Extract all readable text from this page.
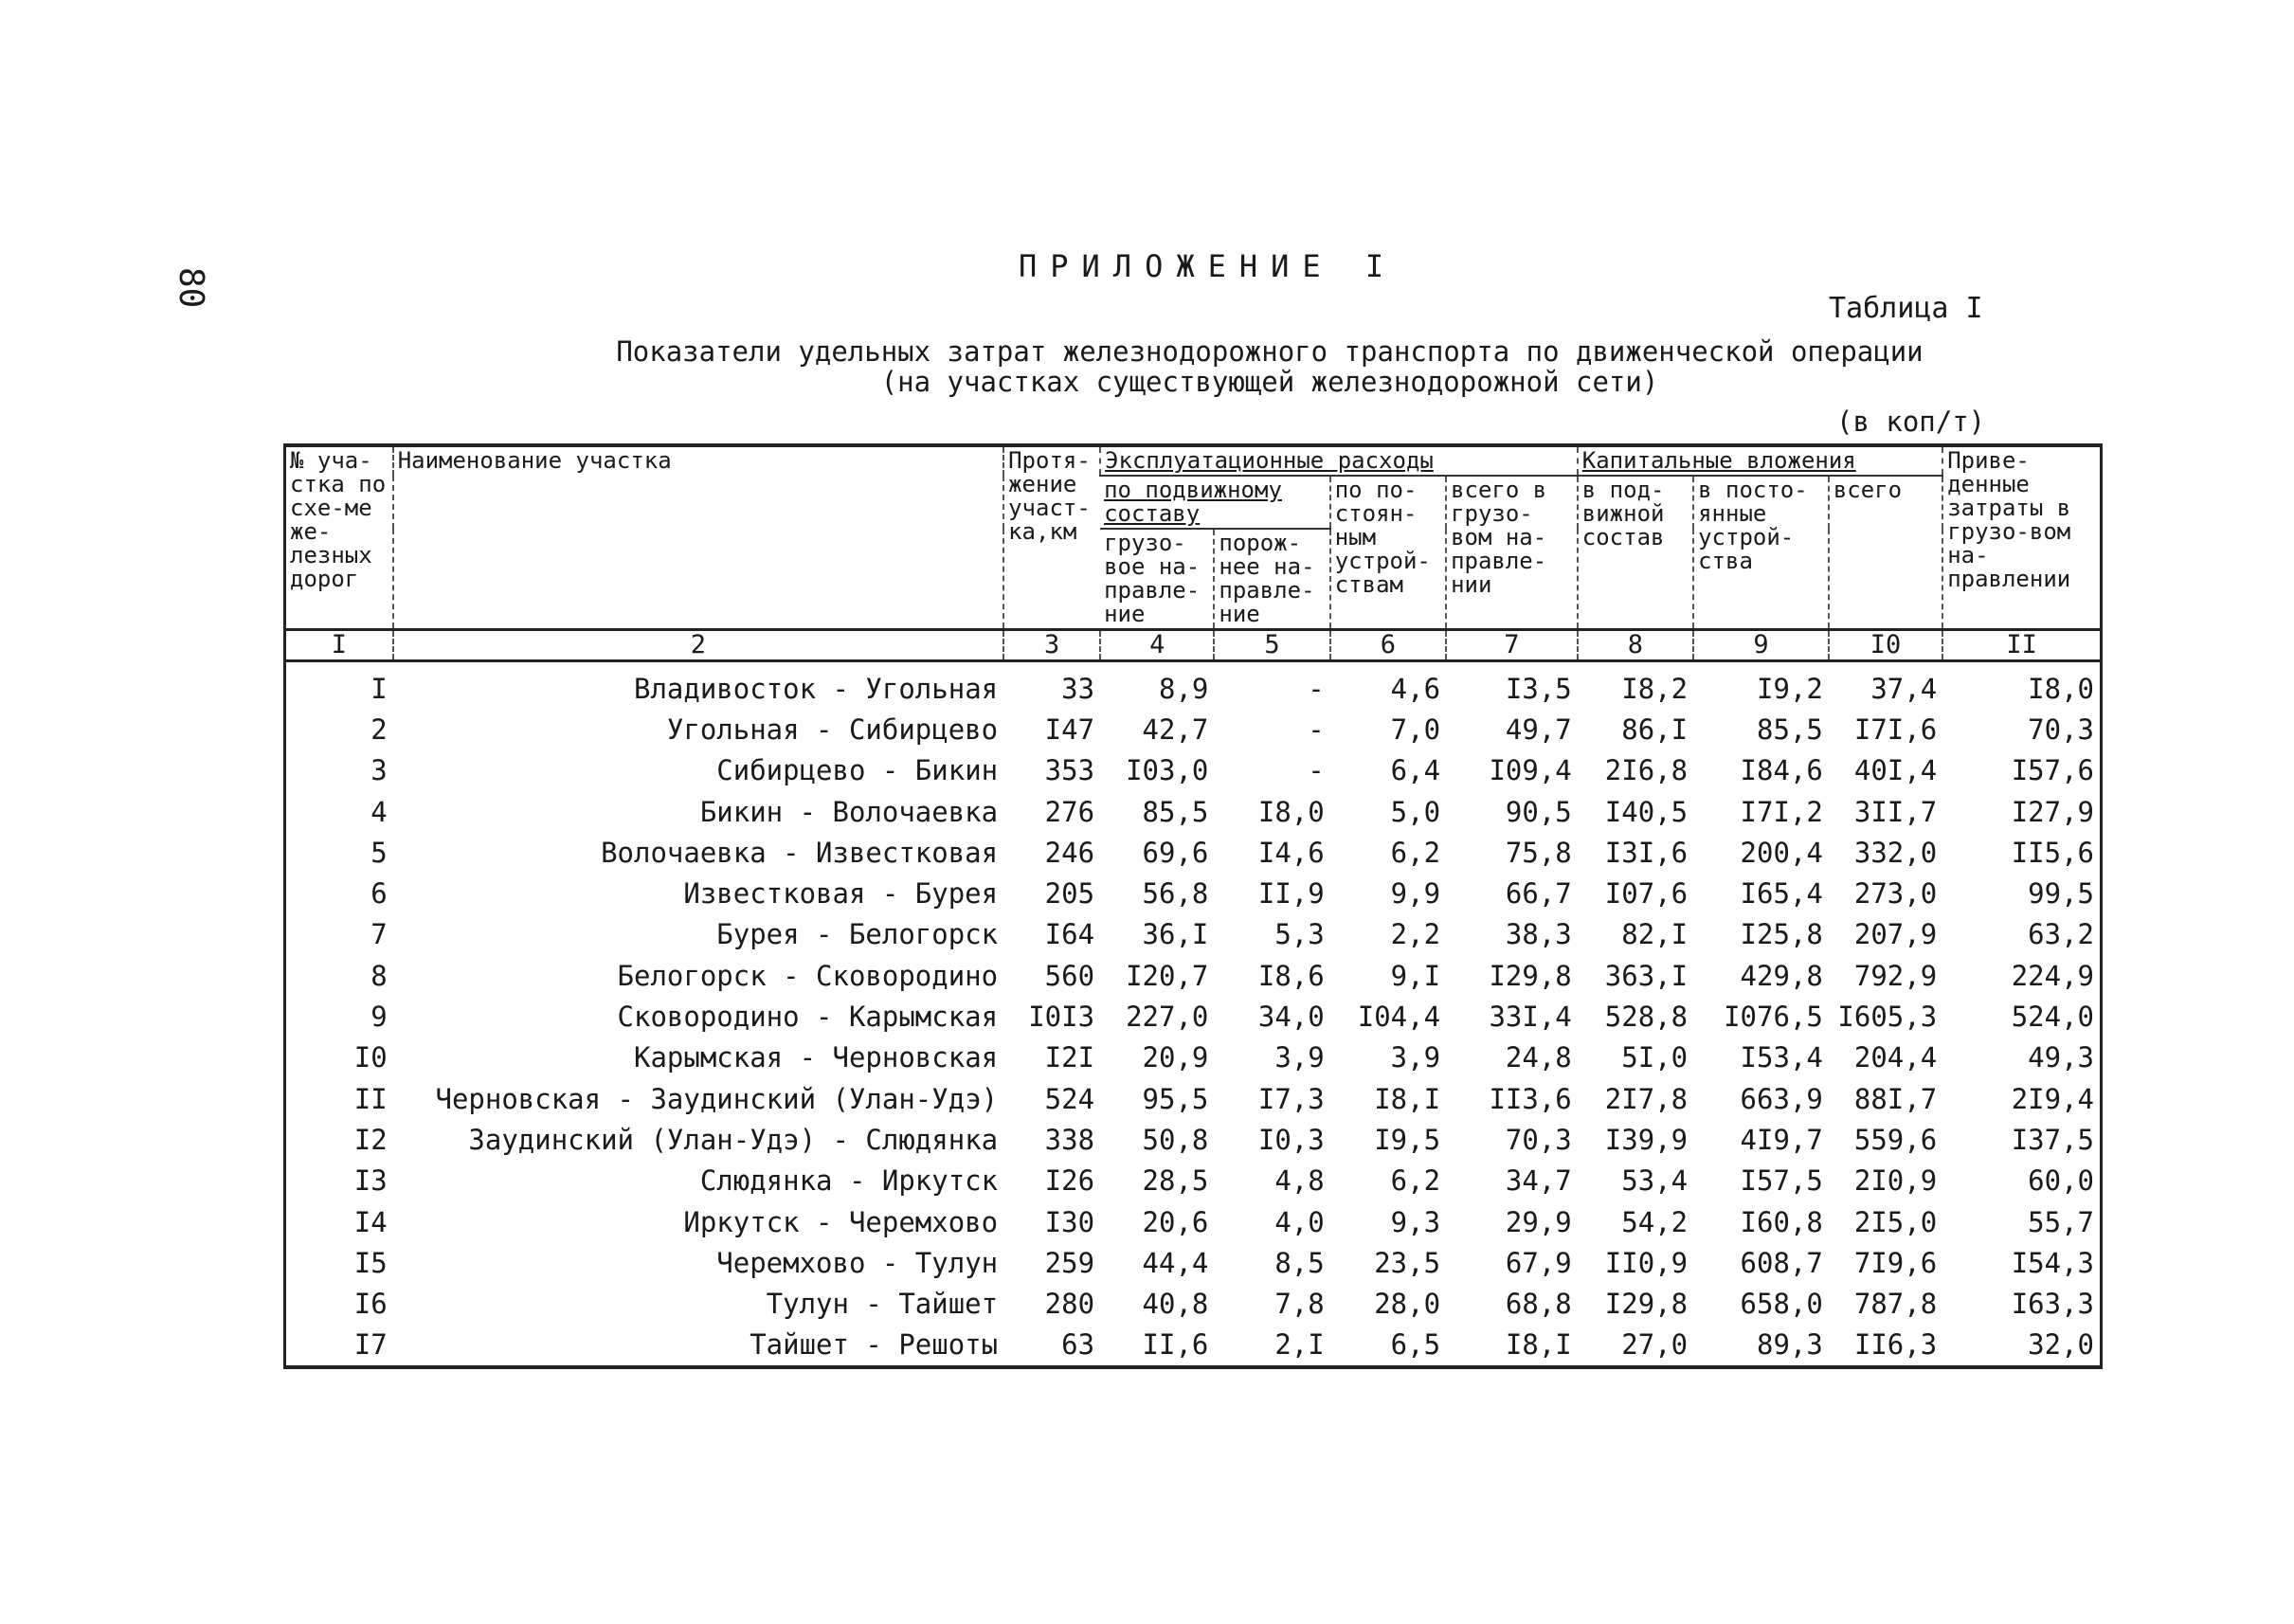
80
ПРИЛОЖЕНИЕ I
Таблица I
Показатели удельных затрат железнодорожного транспорта по движенческой операции
(на участках существующей железнодорожной сети)
(в коп/т)
№ уча-стка по схе-ме же-лезных дорог	Наименование участка	Протя-жение участ-ка,км	Эксплуатационные расходы				Капитальные вложения			Приве-денные затраты в грузо-вом на-правлении
			по подвижному составу		по по-стоян-ным устрой-ствам	всего в грузо-вом на-правле-нии	в под-вижной состав	в посто-янные устрой-ства	всего	
			грузо-вое на-правле-ние	порож-нее на-правле-ние						
I	2	3	4	5	6	7	8	9	I0	II
I	Владивосток - Угольная	33	8,9	-	4,6	I3,5	I8,2	I9,2	37,4	I8,0
2	Угольная - Сибирцево	I47	42,7	-	7,0	49,7	86,I	85,5	I7I,6	70,3
3	Сибирцево - Бикин	353	I03,0	-	6,4	I09,4	2I6,8	I84,6	40I,4	I57,6
4	Бикин - Волочаевка	276	85,5	I8,0	5,0	90,5	I40,5	I7I,2	3II,7	I27,9
5	Волочаевка - Известковая	246	69,6	I4,6	6,2	75,8	I3I,6	200,4	332,0	II5,6
6	Известковая - Бурея	205	56,8	II,9	9,9	66,7	I07,6	I65,4	273,0	99,5
7	Бурея - Белогорск	I64	36,I	5,3	2,2	38,3	82,I	I25,8	207,9	63,2
8	Белогорск - Сковородино	560	I20,7	I8,6	9,I	I29,8	363,I	429,8	792,9	224,9
9	Сковородино - Карымская	I0I3	227,0	34,0	I04,4	33I,4	528,8	I076,5	I605,3	524,0
I0	Карымская - Черновская	I2I	20,9	3,9	3,9	24,8	5I,0	I53,4	204,4	49,3
II	Черновская - Заудинский (Улан-Удэ)	524	95,5	I7,3	I8,I	II3,6	2I7,8	663,9	88I,7	2I9,4
I2	Заудинский (Улан-Удэ) - Слюдянка	338	50,8	I0,3	I9,5	70,3	I39,9	4I9,7	559,6	I37,5
I3	Слюдянка - Иркутск	I26	28,5	4,8	6,2	34,7	53,4	I57,5	2I0,9	60,0
I4	Иркутск - Черемхово	I30	20,6	4,0	9,3	29,9	54,2	I60,8	2I5,0	55,7
I5	Черемхово - Тулун	259	44,4	8,5	23,5	67,9	II0,9	608,7	7I9,6	I54,3
I6	Тулун - Тайшет	280	40,8	7,8	28,0	68,8	I29,8	658,0	787,8	I63,3
I7	Тайшет - Решоты	63	II,6	2,I	6,5	I8,I	27,0	89,3	II6,3	32,0
